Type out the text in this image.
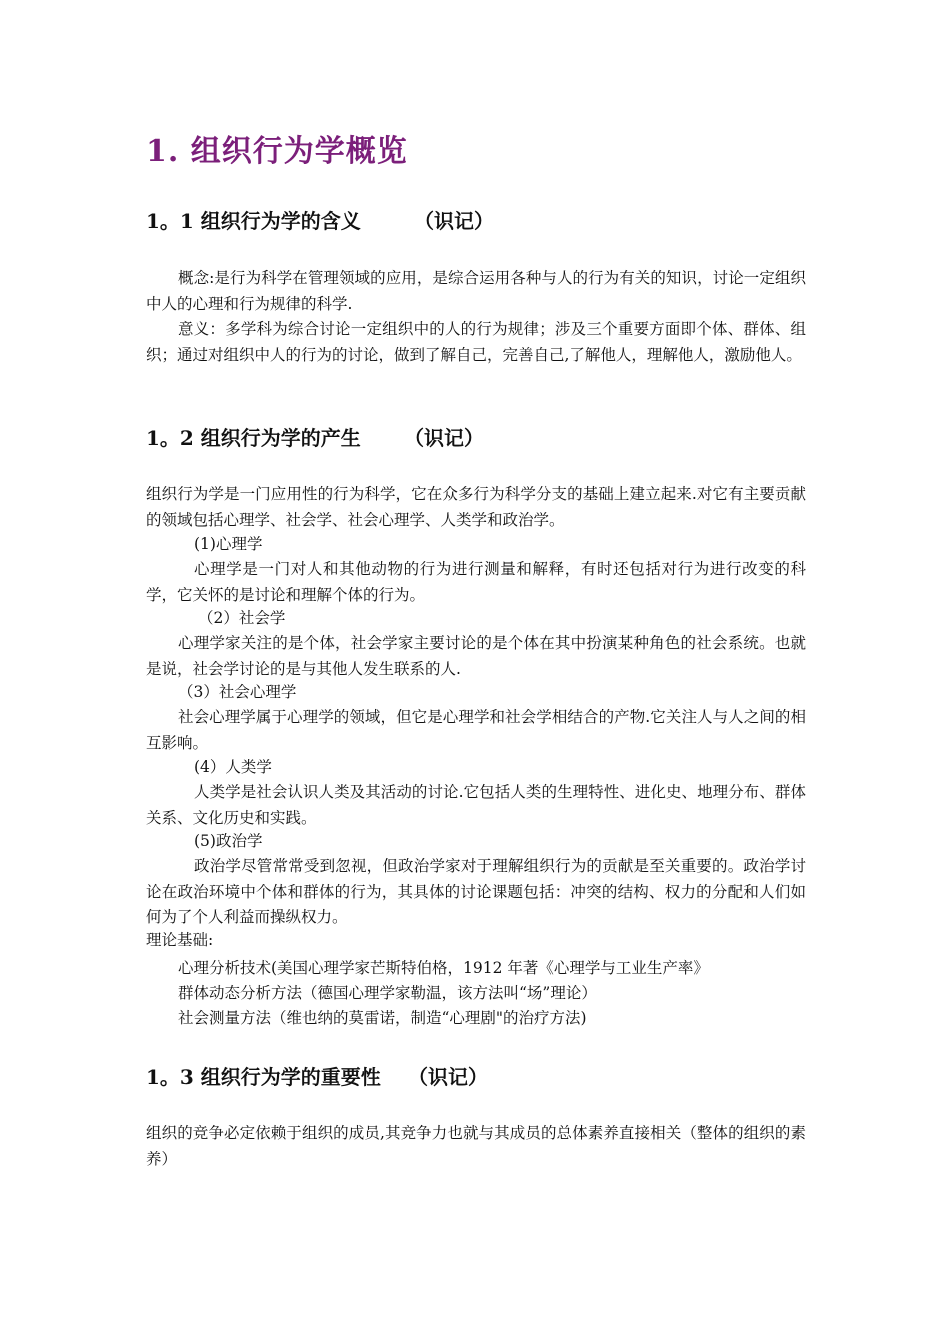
1. 组织行为学概览
1。1 组织行为学的含义	（识记）
概念:是行为科学在管理领域的应用，是综合运用各种与人的行为有关的知识，讨论一定组织中人的心理和行为规律的科学.
意义：多学科为综合讨论一定组织中的人的行为规律；涉及三个重要方面即个体、群体、组织；通过对组织中人的行为的讨论，做到了解自己，完善自己,了解他人，理解他人，激励他人。
1。2 组织行为学的产生 （识记）
组织行为学是一门应用性的行为科学，它在众多行为科学分支的基础上建立起来.对它有主要贡献的领域包括心理学、社会学、社会心理学、人类学和政治学。
(1)心理学
心理学是一门对人和其他动物的行为进行测量和解释，有时还包括对行为进行改变的科学，它关怀的是讨论和理解个体的行为。
（2）社会学
心理学家关注的是个体，社会学家主要讨论的是个体在其中扮演某种角色的社会系统。也就是说，社会学讨论的是与其他人发生联系的人.
（3）社会心理学
社会心理学属于心理学的领域，但它是心理学和社会学相结合的产物.它关注人与人之间的相互影响。
(4）人类学
人类学是社会认识人类及其活动的讨论.它包括人类的生理特性、进化史、地理分布、群体关系、文化历史和实践。
(5)政治学
政治学尽管常常受到忽视，但政治学家对于理解组织行为的贡献是至关重要的。政治学讨论在政治环境中个体和群体的行为，其具体的讨论课题包括：冲突的结构、权力的分配和人们如何为了个人利益而操纵权力。
理论基础:
心理分析技术(美国心理学家芒斯特伯格，1912 年著《心理学与工业生产率》
群体动态分析方法（德国心理学家勒温，该方法叫“场”理论）
社会测量方法（维也纳的莫雷诺，制造“心理剧"的治疗方法)
1。3 组织行为学的重要性 （识记）
组织的竞争必定依赖于组织的成员,其竞争力也就与其成员的总体素养直接相关（整体的组织的素养）
